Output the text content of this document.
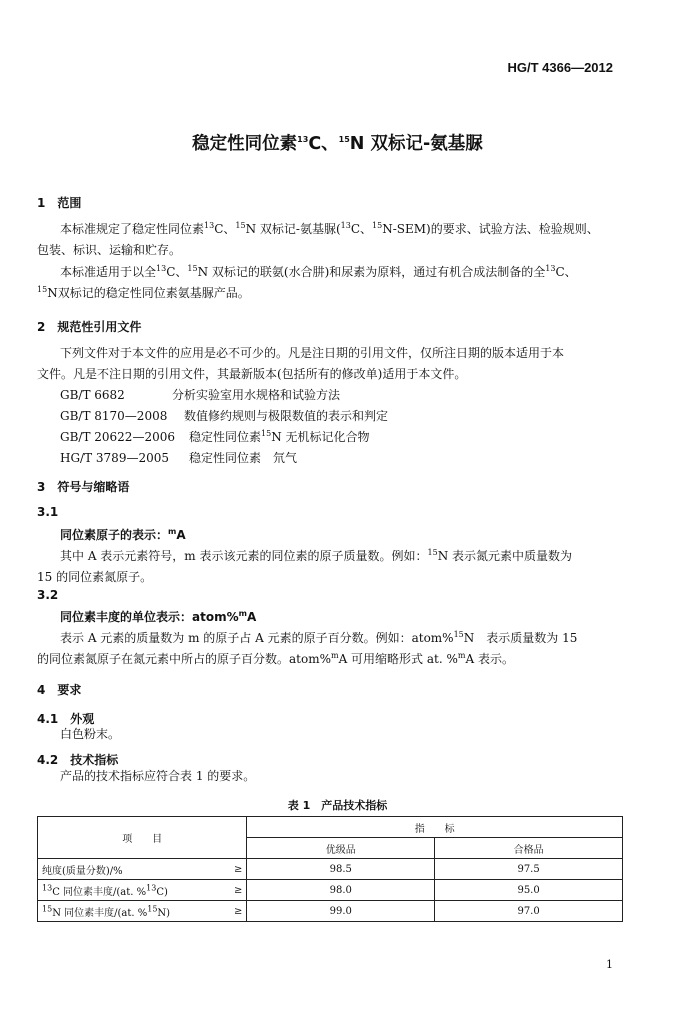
HG/T 4366—2012
稳定性同位素$^{13}$C、$^{15}$N 双标记-氨基脲
1　范围
本标准规定了稳定性同位素$^{13}$C、$^{15}$N 双标记-氨基脲($^{13}$C、$^{15}$N-SEM)的要求、试验方法、检验规则、
包装、标识、运输和贮存。
本标准适用于以全$^{13}$C、$^{15}$N 双标记的联氨(水合肼)和尿素为原料，通过有机合成法制备的全$^{13}$C、
$^{15}$N双标记的稳定性同位素氨基脲产品。
2　规范性引用文件
下列文件对于本文件的应用是必不可少的。凡是注日期的引用文件，仅所注日期的版本适用于本
文件。凡是不注日期的引用文件，其最新版本(包括所有的修改单)适用于本文件。
GB/T 6682	分析实验室用水规格和试验方法
GB/T 8170—2008 数值修约规则与极限数值的表示和判定
GB/T 20622—2006 稳定性同位素$^{15}$N 无机标记化合物
HG/T 3789—2005 稳定性同位素　氘气
3　符号与缩略语
3.1
同位素原子的表示：$^m$A
其中 A 表示元素符号，m 表示该元素的同位素的原子质量数。例如：$^{15}$N 表示氮元素中质量数为
15 的同位素氮原子。
3.2
同位素丰度的单位表示：atom%$^m$A
表示 A 元素的质量数为 m 的原子占 A 元素的原子百分数。例如：atom%$^{15}$N　表示质量数为 15
的同位素氮原子在氮元素中所占的原子百分数。atom%$^m$A 可用缩略形式 at. %$^m$A 表示。
4　要求
4.1　外观
白色粉末。
4.2　技术指标
产品的技术指标应符合表 1 的要求。
表 1　产品技术指标
项　　目		指　　标	
		优级品	合格品
纯度(质量分数)/%	≥	98.5	97.5
$^{13}$C 同位素丰度/(at. %$^{13}$C)	≥	98.0	95.0
$^{15}$N 同位素丰度/(at. %$^{15}$N)	≥	99.0	97.0
1
